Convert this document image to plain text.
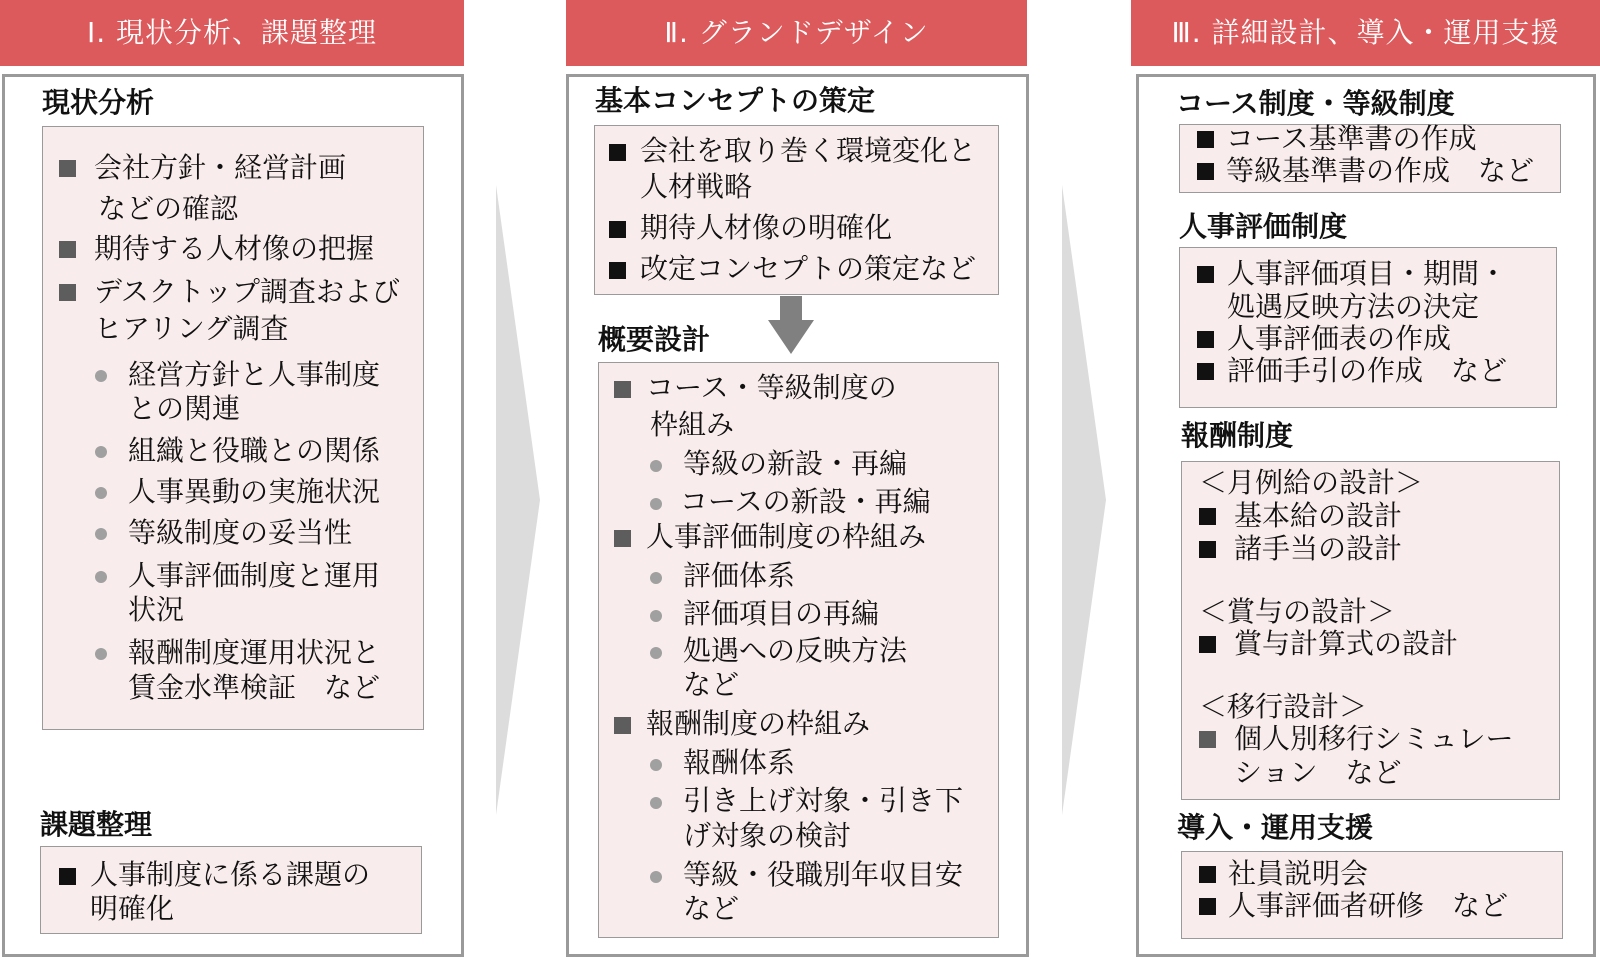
Ⅰ. 現状分析、課題整理	Ⅱ. グランドデザイン	Ⅲ. 詳細設計、導入・運用支援
現状分析
会社方針・経営計画
などの確認
期待する人材像の把握
デスクトップ調査および
ヒアリング調査
経営方針と人事制度
との関連
組織と役職との関係
人事異動の実施状況
等級制度の妥当性
人事評価制度と運用
状況
報酬制度運用状況と
賃金水準検証　など
課題整理
人事制度に係る課題の
明確化
基本コンセプトの策定
会社を取り巻く環境変化と
人材戦略
期待人材像の明確化
改定コンセプトの策定など
概要設計
コース・等級制度の
枠組み
等級の新設・再編
コースの新設・再編
人事評価制度の枠組み
評価体系
評価項目の再編
処遇への反映方法
など
報酬制度の枠組み
報酬体系
引き上げ対象・引き下
げ対象の検討
等級・役職別年収目安
など
コース制度・等級制度
コース基準書の作成
等級基準書の作成　など
人事評価制度
人事評価項目・期間・
処遇反映方法の決定
人事評価表の作成
評価手引の作成　など
報酬制度
＜月例給の設計＞
基本給の設計
諸手当の設計
＜賞与の設計＞
賞与計算式の設計
＜移行設計＞
個人別移行シミュレー
ション　など
導入・運用支援
社員説明会
人事評価者研修　など
